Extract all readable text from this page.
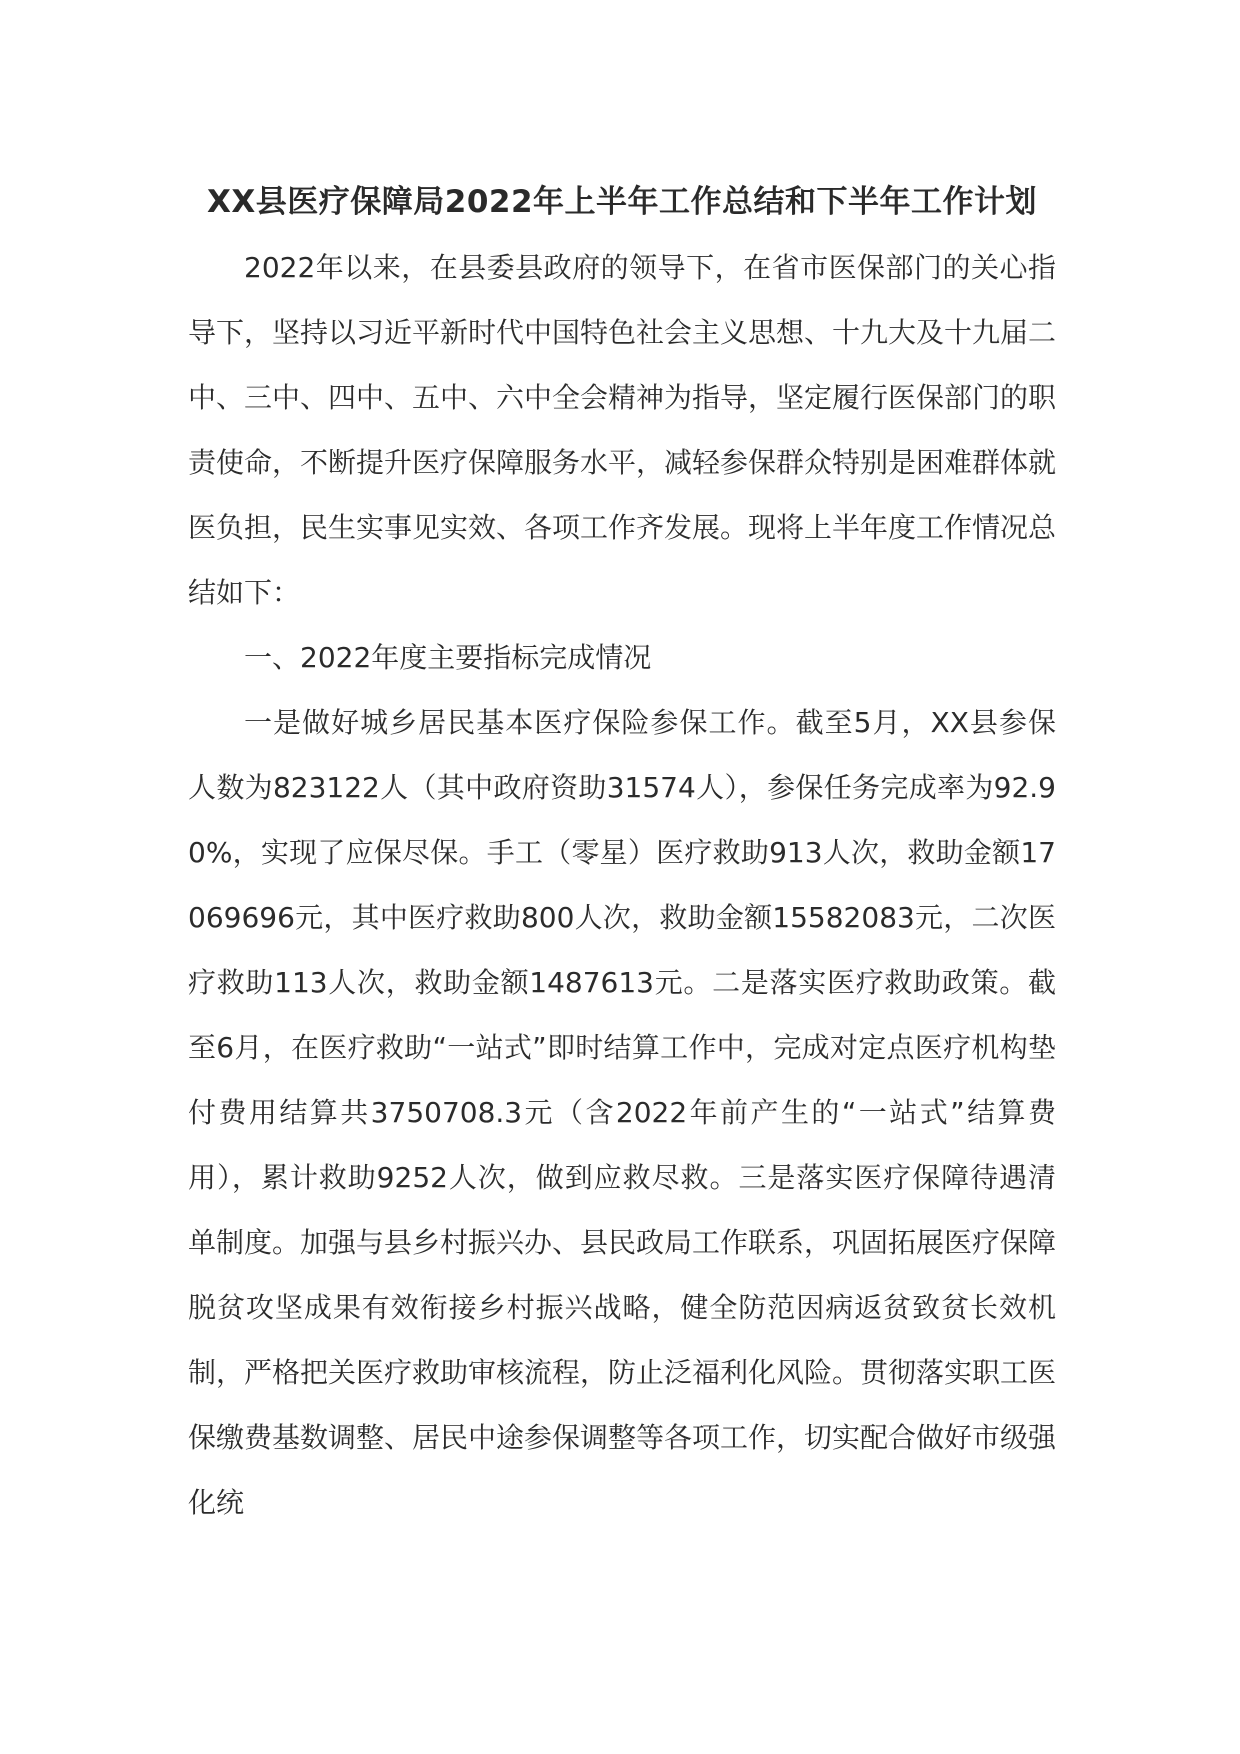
XX县医疗保障局2022年上半年工作总结和下半年工作计划

2022年以来，在县委县政府的领导下，在省市医保部门的关心指导下，坚持以习近平新时代中国特色社会主义思想、十九大及十九届二中、三中、四中、五中、六中全会精神为指导，坚定履行医保部门的职责使命，不断提升医疗保障服务水平，减轻参保群众特别是困难群体就医负担，民生实事见实效、各项工作齐发展。现将上半年度工作情况总结如下：

一、2022年度主要指标完成情况

一是做好城乡居民基本医疗保险参保工作。截至5月，XX县参保人数为823122人（其中政府资助31574人），参保任务完成率为92.90%，实现了应保尽保。手工（零星）医疗救助913人次，救助金额17069696元，其中医疗救助800人次，救助金额15582083元，二次医疗救助113人次，救助金额1487613元。二是落实医疗救助政策。截至6月，在医疗救助“一站式”即时结算工作中，完成对定点医疗机构垫付费用结算共3750708.3元（含2022年前产生的“一站式”结算费用），累计救助9252人次，做到应救尽救。三是落实医疗保障待遇清单制度。加强与县乡村振兴办、县民政局工作联系，巩固拓展医疗保障脱贫攻坚成果有效衔接乡村振兴战略，健全防范因病返贫致贫长效机制，严格把关医疗救助审核流程，防止泛福利化风险。贯彻落实职工医保缴费基数调整、居民中途参保调整等各项工作，切实配合做好市级强化统
